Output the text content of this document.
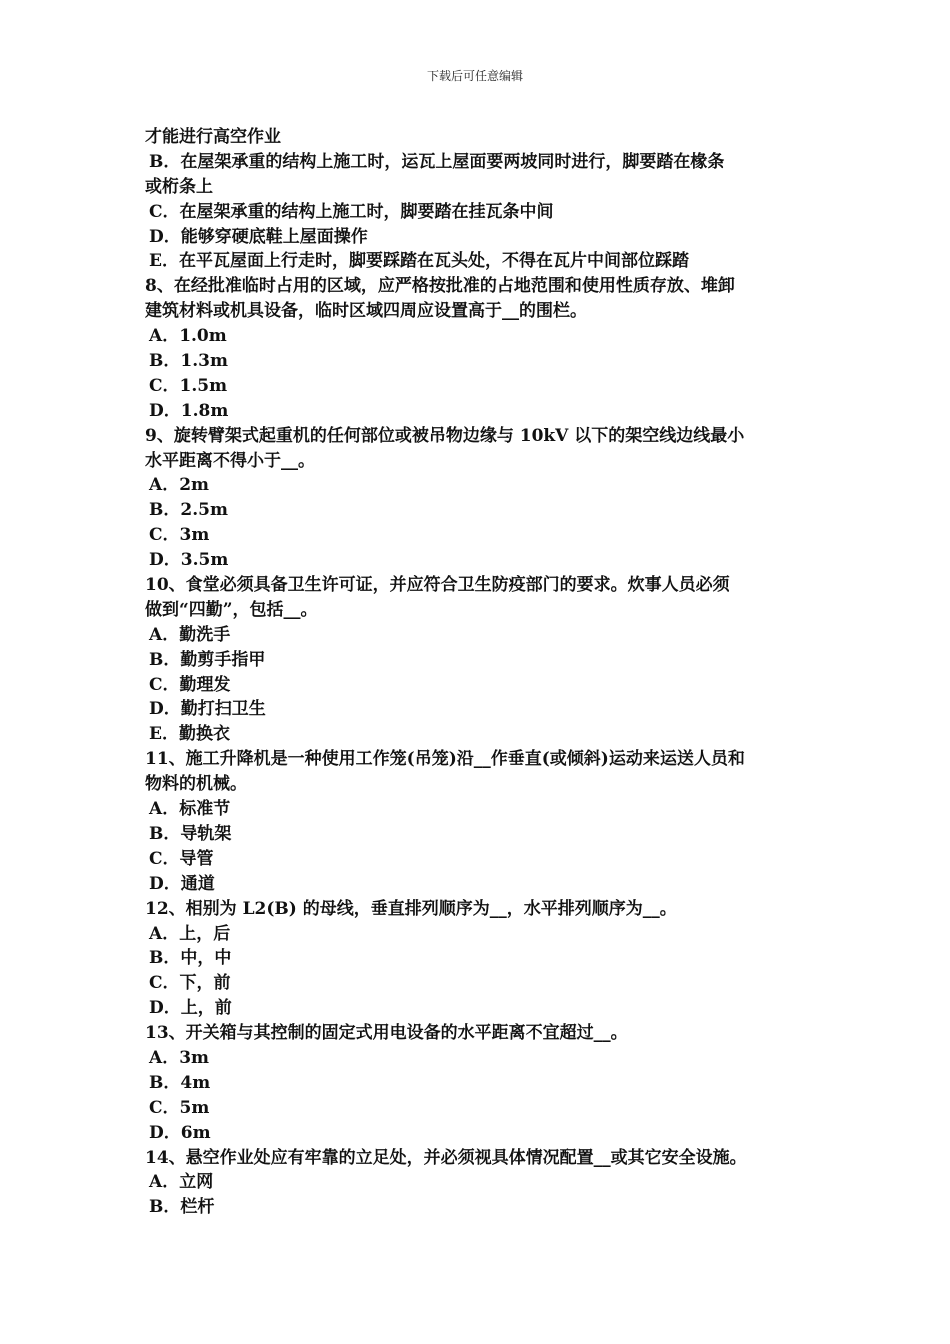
下载后可任意编辑
才能进行高空作业
B．在屋架承重的结构上施工时，运瓦上屋面要两坡同时进行，脚要踏在椽条
或桁条上
C．在屋架承重的结构上施工时，脚要踏在挂瓦条中间
D．能够穿硬底鞋上屋面操作
E．在平瓦屋面上行走时，脚要踩踏在瓦头处，不得在瓦片中间部位踩踏
8、在经批准临时占用的区域，应严格按批准的占地范围和使用性质存放、堆卸
建筑材料或机具设备，临时区域四周应设置高于__的围栏。
A．1.0m
B．1.3m
C．1.5m
D．1.8m
9、旋转臂架式起重机的任何部位或被吊物边缘与 10kV 以下的架空线边线最小
水平距离不得小于__。
A．2m
B．2.5m
C．3m
D．3.5m
10、食堂必须具备卫生许可证，并应符合卫生防疫部门的要求。炊事人员必须
做到“四勤”，包括__。
A．勤洗手
B．勤剪手指甲
C．勤理发
D．勤打扫卫生
E．勤换衣
11、施工升降机是一种使用工作笼(吊笼)沿__作垂直(或倾斜)运动来运送人员和
物料的机械。
A．标准节
B．导轨架
C．导管
D．通道
12、相别为 L2(B) 的母线，垂直排列顺序为__，水平排列顺序为__。
A．上，后
B．中，中
C．下，前
D．上，前
13、开关箱与其控制的固定式用电设备的水平距离不宜超过__。
A．3m
B．4m
C．5m
D．6m
14、悬空作业处应有牢靠的立足处，并必须视具体情况配置__或其它安全设施。
A．立网
B．栏杆
